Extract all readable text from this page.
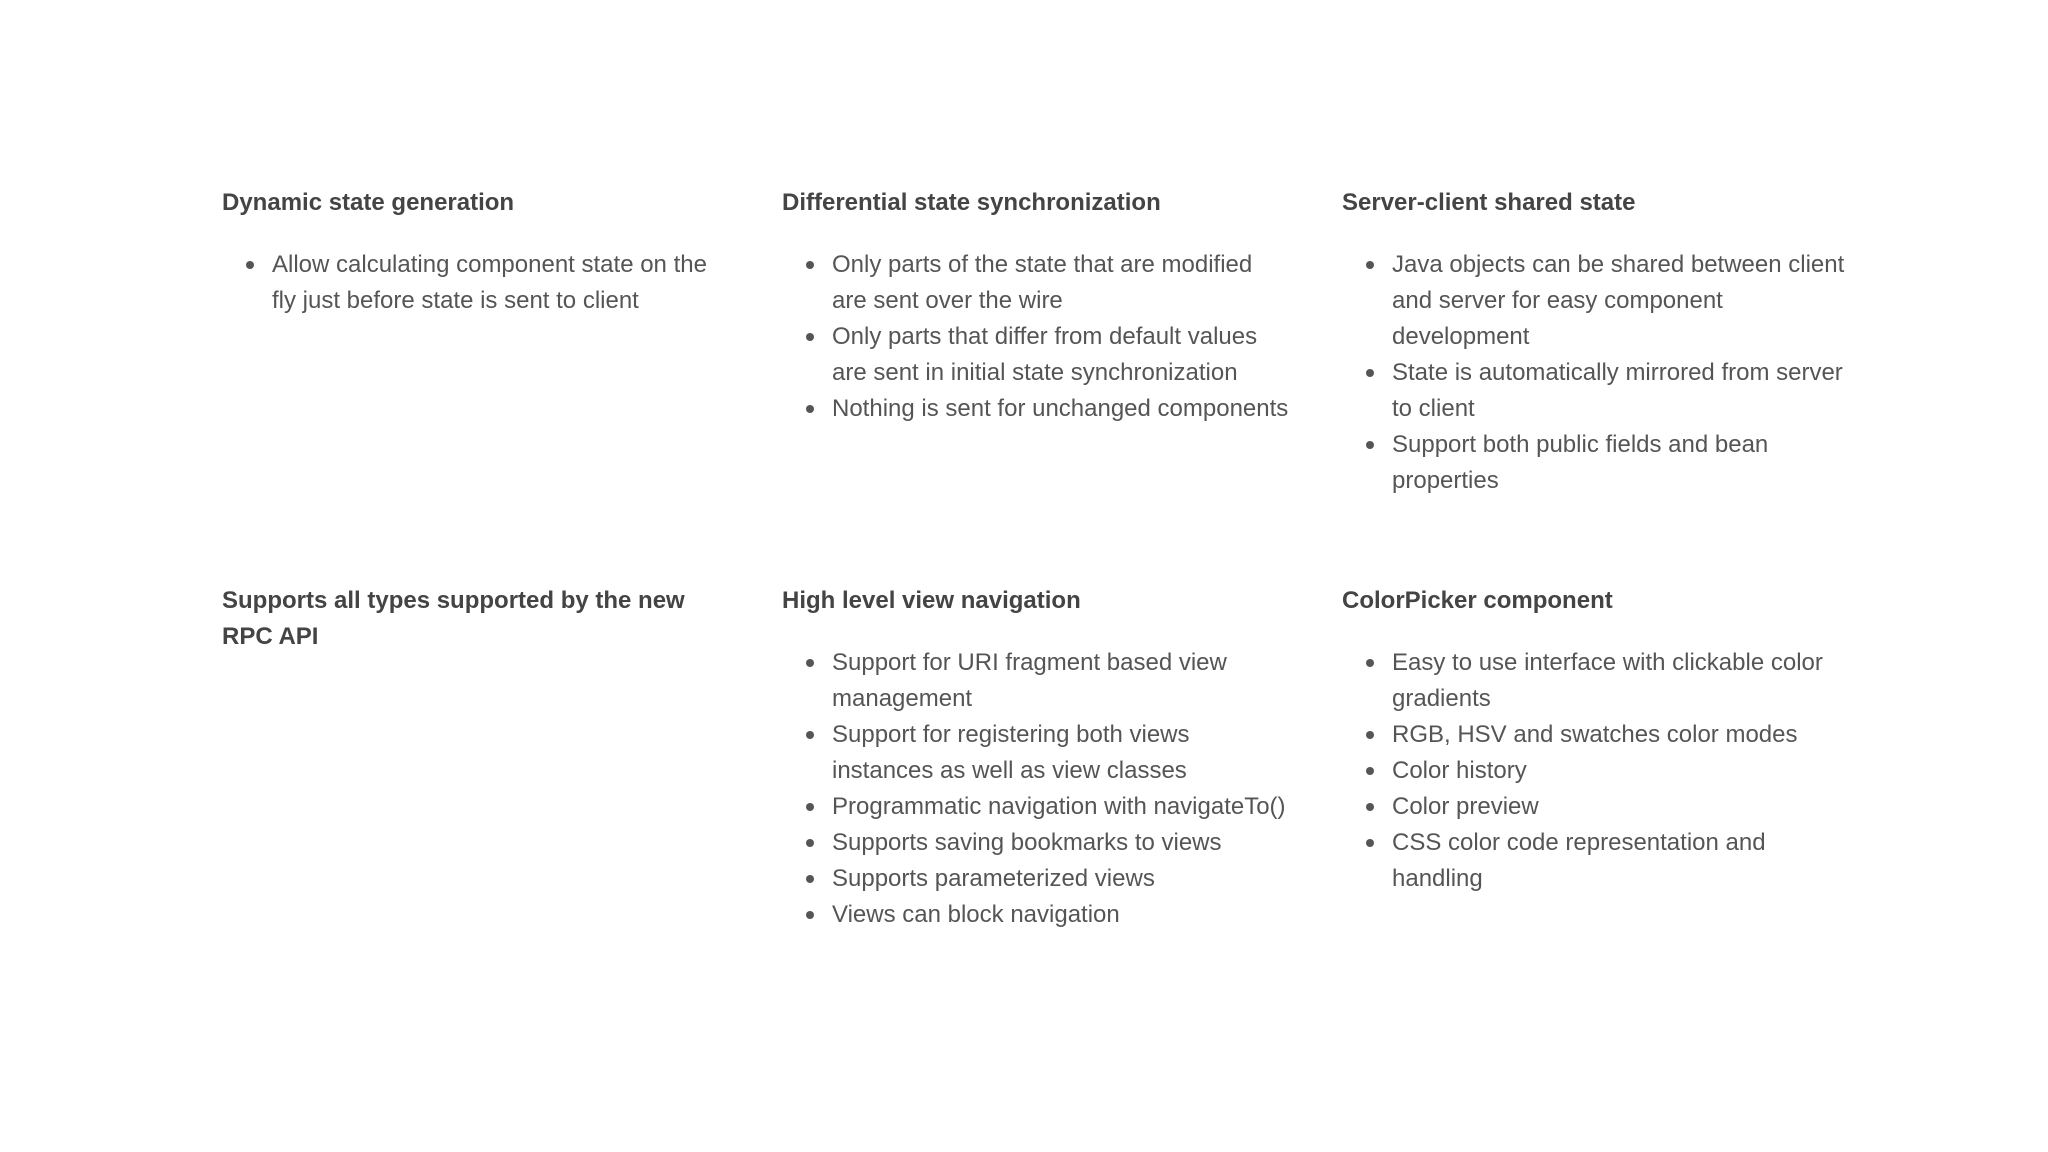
Dynamic state generation
Allow calculating component state on the fly just before state is sent to client
Differential state synchronization
Only parts of the state that are modified are sent over the wire
Only parts that differ from default values are sent in initial state synchronization
Nothing is sent for unchanged components
Server-client shared state
Java objects can be shared between client and server for easy component development
State is automatically mirrored from server to client
Support both public fields and bean properties
Supports all types supported by the new RPC API
High level view navigation
Support for URI fragment based view management
Support for registering both views instances as well as view classes
Programmatic navigation with navigateTo()
Supports saving bookmarks to views
Supports parameterized views
Views can block navigation
ColorPicker component
Easy to use interface with clickable color gradients
RGB, HSV and swatches color modes
Color history
Color preview
CSS color code representation and handling
